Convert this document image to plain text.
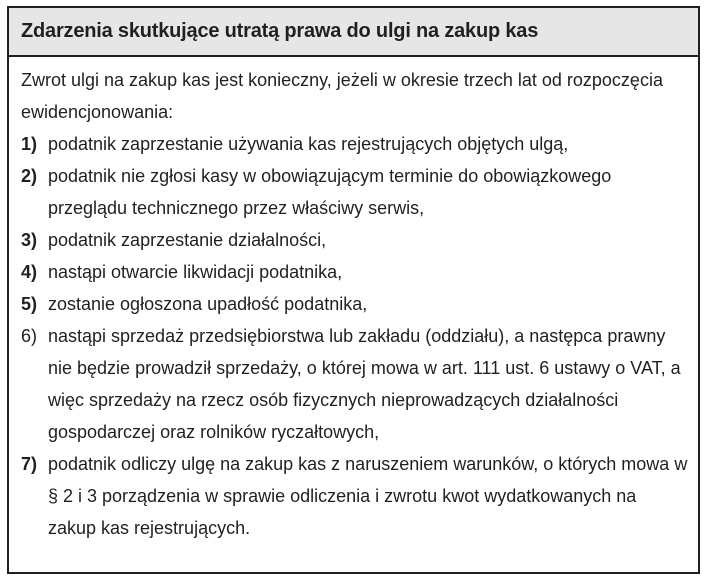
Zdarzenia skutkujące utratą prawa do ulgi na zakup kas

Zwrot ulgi na zakup kas jest konieczny, jeżeli w okresie trzech lat od rozpoczęcia ewidencjonowania:

1) podatnik zaprzestanie używania kas rejestrujących objętych ulgą,
2) podatnik nie zgłosi kasy w obowiązującym terminie do obowiązkowego przeglądu technicznego przez właściwy serwis,
3) podatnik zaprzestanie działalności,
4) nastąpi otwarcie likwidacji podatnika,
5) zostanie ogłoszona upadłość podatnika,
6) nastąpi sprzedaż przedsiębiorstwa lub zakładu (oddziału), a następca prawny nie będzie prowadził sprzedaży, o której mowa w art. 111 ust. 6 ustawy o VAT, a więc sprzedaży na rzecz osób fizycznych nieprowadzących działalności gospodarczej oraz rolników ryczałtowych,
7) podatnik odliczy ulgę na zakup kas z naruszeniem warunków, o których mowa w § 2 i 3 porządzenia w sprawie odliczenia i zwrotu kwot wydatkowanych na zakup kas rejestrujących.
